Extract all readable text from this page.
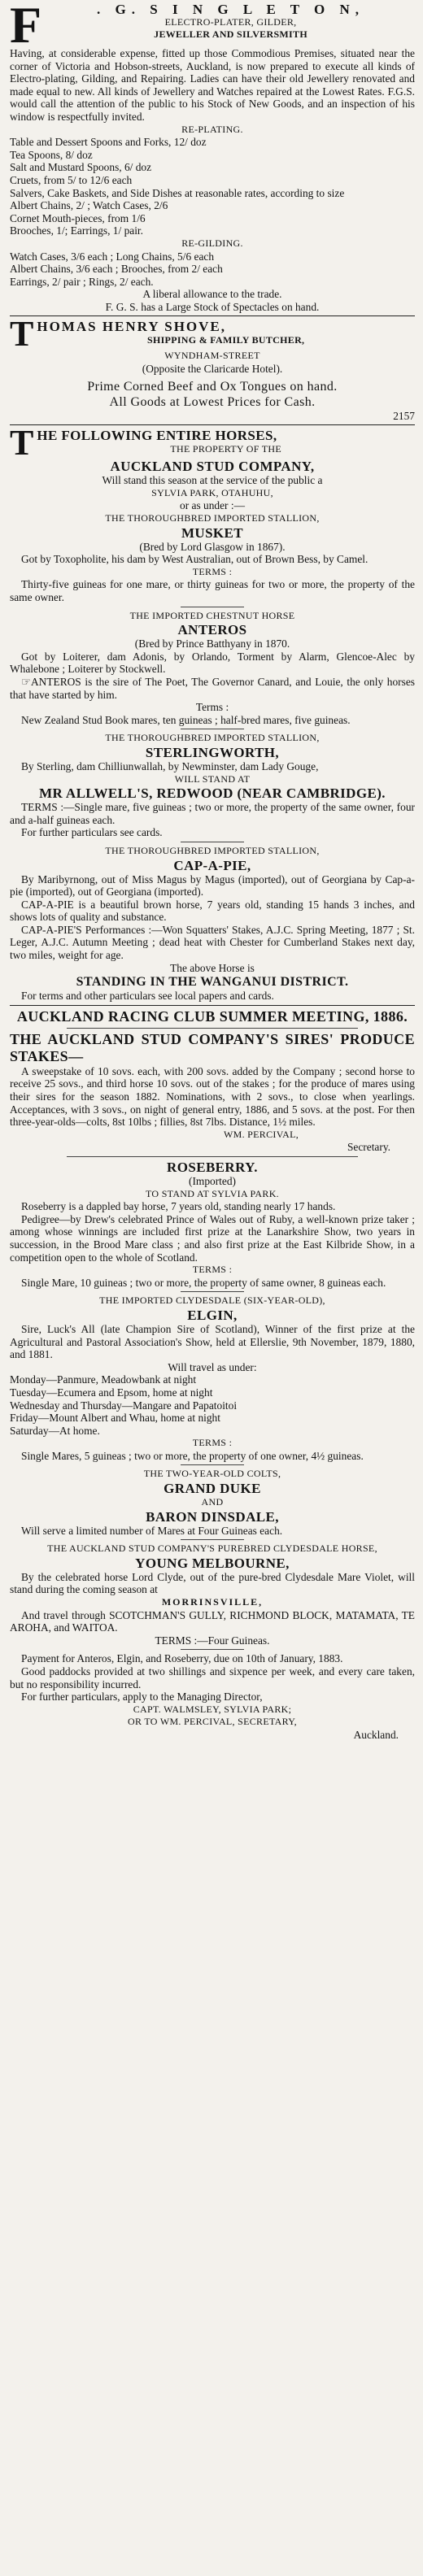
F	. G. S I N G L E T O N,

ELECTRO-PLATER, GILDER,

JEWELLER AND SILVERSMITH

Having, at considerable expense, fitted up those Commodious Premises, situated near the corner of Victoria and Hobson-streets, Auckland, is now prepared to execute all kinds of Electro-plating, Gilding, and Repairing. Ladies can have their old Jewellery renovated and made equal to new. All kinds of Jewellery and Watches repaired at the Lowest Rates. F.G.S. would call the attention of the public to his Stock of New Goods, and an inspection of his window is respectfully invited.

RE-PLATING.

Table and Dessert Spoons and Forks, 12/ doz

Tea Spoons, 8/ doz

Salt and Mustard Spoons, 6/ doz

Cruets, from 5/ to 12/6 each

Salvers, Cake Baskets, and Side Dishes at reasonable rates, according to size

Albert Chains, 2/ ; Watch Cases, 2/6

Cornet Mouth-pieces, from 1/6

Brooches, 1/; Earrings, 1/ pair.

RE-GILDING.

Watch Cases, 3/6 each ; Long Chains, 5/6 each

Albert Chains, 3/6 each ; Brooches, from 2/ each

Earrings, 2/ pair ; Rings, 2/ each.

A liberal allowance to the trade.

F. G. S. has a Large Stock of Spectacles on hand.

T HOMAS HENRY SHOVE,

SHIPPING & FAMILY BUTCHER,

WYNDHAM-STREET

(Opposite the Claricarde Hotel).

Prime Corned Beef and Ox Tongues on hand.

All Goods at Lowest Prices for Cash.

2157

T HE FOLLOWING ENTIRE HORSES,

THE PROPERTY OF THE

AUCKLAND STUD COMPANY,

Will stand this season at the service of the public a

SYLVIA PARK, OTAHUHU,

or as under :—

THE THOROUGHBRED IMPORTED STALLION,

MUSKET

(Bred by Lord Glasgow in 1867).

Got by Toxopholite, his dam by West Australian, out of Brown Bess, by Camel.

TERMS :

Thirty-five guineas for one mare, or thirty guineas for two or more, the property of the same owner.

THE IMPORTED CHESTNUT HORSE

ANTEROS

(Bred by Prince Batthyany in 1870.

Got by Loiterer, dam Adonis, by Orlando, Torment by Alarm, Glencoe-Alec by Whalebone ; Loiterer by Stockwell.

☞ANTEROS is the sire of The Poet, The Governor Canard, and Louie, the only horses that have started by him.

Terms :

New Zealand Stud Book mares, ten guineas ; half-bred mares, five guineas.

THE THOROUGHBRED IMPORTED STALLION,

STERLINGWORTH,

By Sterling, dam Chilliunwallah, by Newminster, dam Lady Gouge,

WILL STAND AT

MR ALLWELL'S, REDWOOD (NEAR CAMBRIDGE).

TERMS :—Single mare, five guineas ; two or more, the property of the same owner, four and a-half guineas each.

For further particulars see cards.

THE THOROUGHBRED IMPORTED STALLION,

CAP-A-PIE,

By Maribyrnong, out of Miss Magus by Magus (imported), out of Georgiana by Cap-a-pie (imported), out of Georgiana (imported).

CAP-A-PIE is a beautiful brown horse, 7 years old, standing 15 hands 3 inches, and shows lots of quality and substance.

CAP-A-PIE'S Performances :—Won Squatters' Stakes, A.J.C. Spring Meeting, 1877 ; St. Leger, A.J.C. Autumn Meeting ; dead heat with Chester for Cumberland Stakes next day, two miles, weight for age.

The above Horse is

STANDING IN THE WANGANUI DISTRICT.

For terms and other particulars see local papers and cards.

AUCKLAND RACING CLUB SUMMER MEETING, 1886.

THE AUCKLAND STUD COMPANY'S SIRES' PRODUCE STAKES—

A sweepstake of 10 sovs. each, with 200 sovs. added by the Company ; second horse to receive 25 sovs., and third horse 10 sovs. out of the stakes ; for the produce of mares using their sires for the season 1882. Nominations, with 2 sovs., to close when yearlings. Acceptances, with 3 sovs., on night of general entry, 1886, and 5 sovs. at the post. For then three-year-olds—colts, 8st 10lbs ; fillies, 8st 7lbs. Distance, 1½ miles.

WM. PERCIVAL,

Secretary.

ROSEBERRY.

(Imported)

TO STAND AT SYLVIA PARK.

Roseberry is a dappled bay horse, 7 years old, standing nearly 17 hands.

Pedigree—by Drew's celebrated Prince of Wales out of Ruby, a well-known prize taker ; among whose winnings are included first prize at the Lanarkshire Show, two years in succession, in the Brood Mare class ; and also first prize at the East Kilbride Show, in a competition open to the whole of Scotland.

TERMS :

Single Mare, 10 guineas ; two or more, the property of same owner, 8 guineas each.

THE IMPORTED CLYDESDALE (SIX-YEAR-OLD),

ELGIN,

Sire, Luck's All (late Champion Sire of Scotland), Winner of the first prize at the Agricultural and Pastoral Association's Show, held at Ellerslie, 9th November, 1879, 1880, and 1881.

Will travel as under:

Monday—Panmure, Meadowbank at night

Tuesday—Ecumera and Epsom, home at night

Wednesday and Thursday—Mangare and Papatoitoi

Friday—Mount Albert and Whau, home at night

Saturday—At home.

TERMS :

Single Mares, 5 guineas ; two or more, the property of one owner, 4½ guineas.

THE TWO-YEAR-OLD COLTS,

GRAND DUKE

AND

BARON DINSDALE,

Will serve a limited number of Mares at Four Guineas each.

THE AUCKLAND STUD COMPANY'S PUREBRED CLYDESDALE HORSE,

YOUNG MELBOURNE,

By the celebrated horse Lord Clyde, out of the pure-bred Clydesdale Mare Violet, will stand during the coming season at

MORRINSVILLE,

And travel through SCOTCHMAN'S GULLY, RICHMOND BLOCK, MATAMATA, TE AROHA, and WAITOA.

TERMS :—Four Guineas.

Payment for Anteros, Elgin, and Roseberry, due on 10th of January, 1883.

Good paddocks provided at two shillings and sixpence per week, and every care taken, but no responsibility incurred.

For further particulars, apply to the Managing Director,

CAPT. WALMSLEY, SYLVIA PARK;

OR TO WM. PERCIVAL, SECRETARY,

Auckland.
